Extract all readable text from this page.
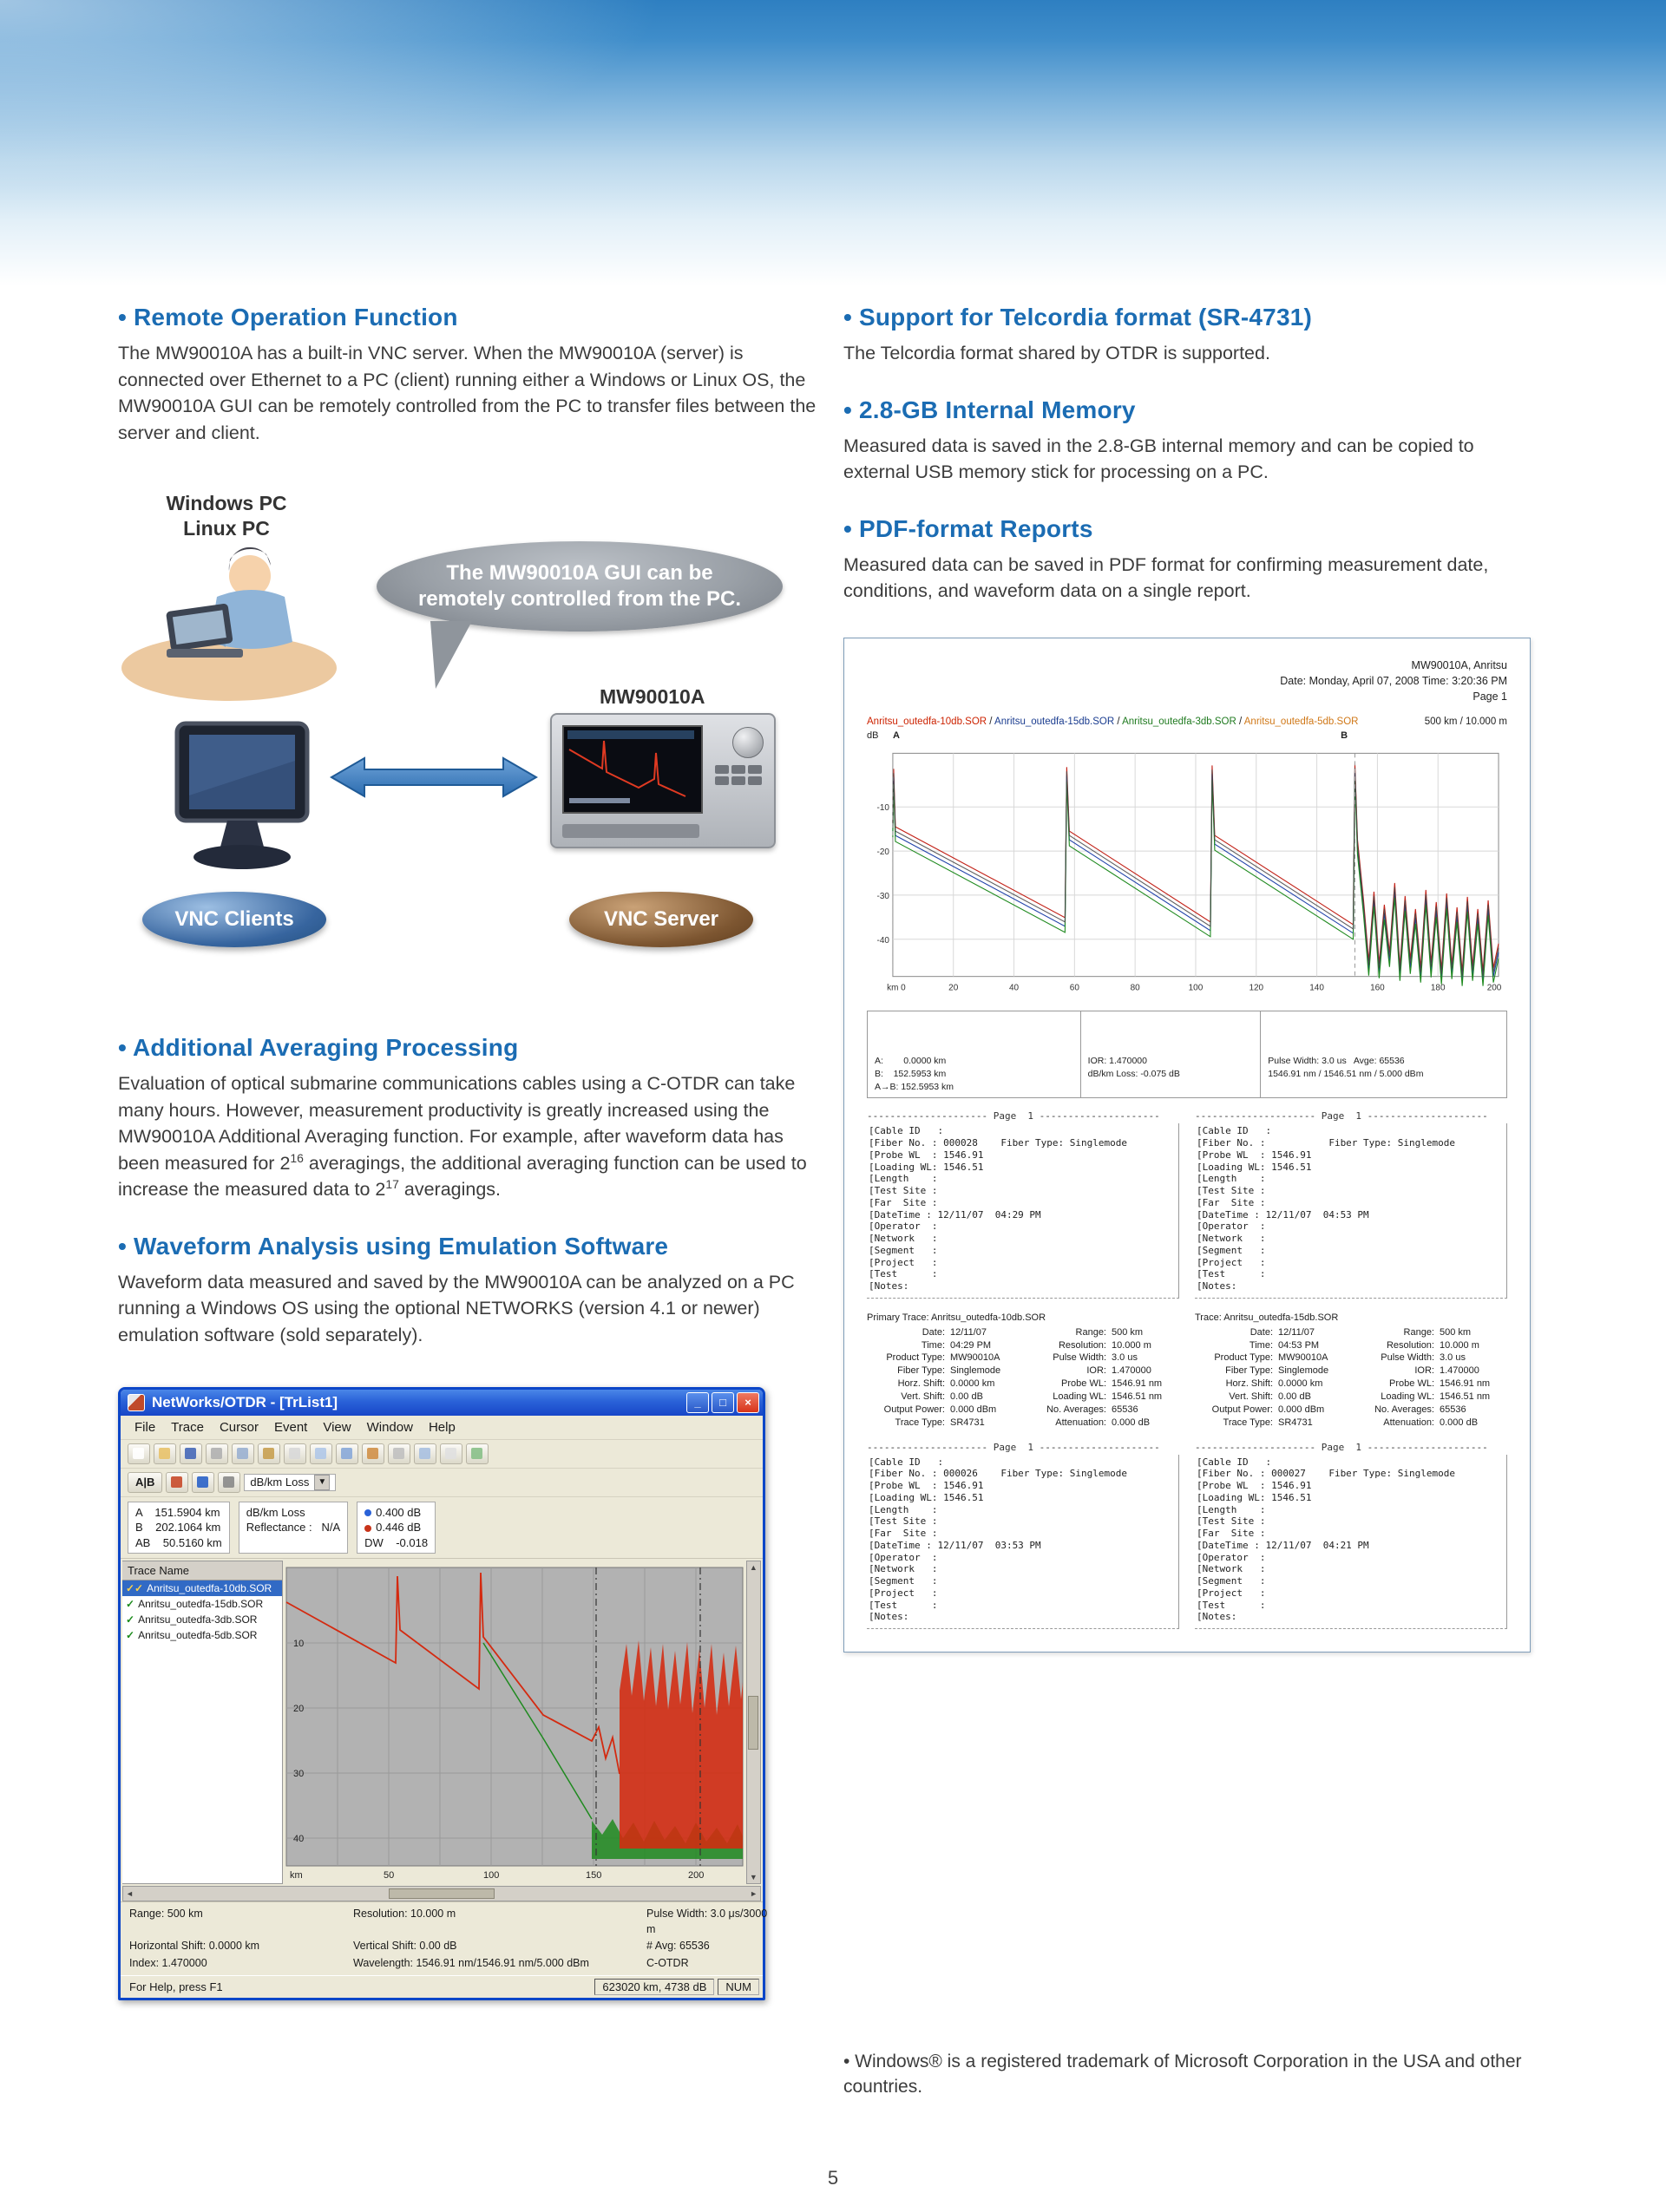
• Remote Operation Function

The MW90010A has a built-in VNC server. When the MW90010A (server) is connected over Ethernet to a PC (client) running either a Windows or Linux OS, the MW90010A GUI can be remotely controlled from the PC to transfer files between the server and client.

Windows PC
Linux PC
The MW90010A GUI can be
remotely controlled from the PC.
MW90010A
VNC Clients	VNC Server
• Additional Averaging Processing

Evaluation of optical submarine communications cables using a C-OTDR can take many hours. However, measurement productivity is greatly increased using the MW90010A Additional Averaging function. For example, after waveform data has been measured for $2^{16}$ averagings, the additional averaging function can be used to increase the measured data to $2^{17}$ averagings.

• Waveform Analysis using Emulation Software

Waveform data measured and saved by the MW90010A can be analyzed on a PC running a Windows OS using the optional NETWORKS (version 4.1 or newer) emulation software (sold separately).

NetWorks/OTDR - [TrList1]	_	□	×
File	Trace	Cursor	Event	View	Window	Help
A|B	dB/km Loss	▼
A    151.5904 km
B    202.1064 km
AB    50.5160 km
dB/km Loss
Reflectance :   N/A
0.400 dB
0.446 dB
DW    -0.018
Trace Name
✓✓ Anritsu_outedfa-10db.SOR
✓ Anritsu_outedfa-15db.SOR
✓ Anritsu_outedfa-3db.SOR
✓ Anritsu_outedfa-5db.SOR
10
20
30
40
km	50	100	150	200
▲
▼
◄	►
Range: 500 km	Resolution: 10.000 m	Pulse Width: 3.0 μs/3000 m
Horizontal Shift: 0.0000 km	Vertical Shift: 0.00 dB	# Avg: 65536
Index: 1.470000	Wavelength: 1546.91 nm/1546.91 nm/5.000 dBm	C-OTDR
For Help, press F1	623020 km, 4738 dB	NUM
• Support for Telcordia format (SR-4731)

The Telcordia format shared by OTDR is supported.

• 2.8-GB Internal Memory

Measured data is saved in the 2.8-GB internal memory and can be copied to external USB memory stick for processing on a PC.

• PDF-format Reports

Measured data can be saved in PDF format for confirming measurement date, conditions, and waveform data on a single report.

MW90010A, Anritsu
Date: Monday, April 07, 2008 Time: 3:20:36 PM
Page 1
Anritsu_outedfa-10db.SOR / Anritsu_outedfa-15db.SOR / Anritsu_outedfa-3db.SOR / Anritsu_outedfa-5db.SOR	500 km / 10.000 m
dB A	B
-10
-20
-30
-40
km 0	20	40	60	80	100	120	140	160	180	200

A:        0.0000 km
B:    152.5953 km
A→B: 152.5953 km

IOR: 1.470000
dB/km Loss: -0.075 dB

Pulse Width: 3.0 us   Avge: 65536
1546.91 nm / 1546.51 nm / 5.000 dBm
--------------------- Page  1 ---------------------
[Cable ID   :
[Fiber No. : 000028    Fiber Type: Singlemode
[Probe WL  : 1546.91
[Loading WL: 1546.51
[Length    :
[Test Site :
[Far  Site :
[DateTime : 12/11/07  04:29 PM
[Operator  :
[Network   :
[Segment   :
[Project   :
[Test      :
[Notes:
--------------------- Page  1 ---------------------
[Cable ID   :
[Fiber No. :           Fiber Type: Singlemode
[Probe WL  : 1546.91
[Loading WL: 1546.51
[Length    :
[Test Site :
[Far  Site :
[DateTime : 12/11/07  04:53 PM
[Operator  :
[Network   :
[Segment   :
[Project   :
[Test      :
[Notes:
Primary Trace: Anritsu_outedfa-10db.SOR
Date: 12/11/07	Range: 500 km
Time: 04:29 PM	Resolution: 10.000 m
Product Type: MW90010A	Pulse Width: 3.0 us
Fiber Type: Singlemode	IOR: 1.470000
Horz. Shift: 0.0000 km	Probe WL: 1546.91 nm
Vert. Shift: 0.00 dB	Loading WL: 1546.51 nm
Output Power: 0.000 dBm	No. Averages: 65536
Trace Type: SR4731	Attenuation: 0.000 dB
Trace: Anritsu_outedfa-15db.SOR
Date: 12/11/07	Range: 500 km
Time: 04:53 PM	Resolution: 10.000 m
Product Type: MW90010A	Pulse Width: 3.0 us
Fiber Type: Singlemode	IOR: 1.470000
Horz. Shift: 0.0000 km	Probe WL: 1546.91 nm
Vert. Shift: 0.00 dB	Loading WL: 1546.51 nm
Output Power: 0.000 dBm	No. Averages: 65536
Trace Type: SR4731	Attenuation: 0.000 dB
--------------------- Page  1 ---------------------
[Cable ID   :
[Fiber No. : 000026    Fiber Type: Singlemode
[Probe WL  : 1546.91
[Loading WL: 1546.51
[Length    :
[Test Site :
[Far  Site :
[DateTime : 12/11/07  03:53 PM
[Operator  :
[Network   :
[Segment   :
[Project   :
[Test      :
[Notes:
--------------------- Page  1 ---------------------
[Cable ID   :
[Fiber No. : 000027    Fiber Type: Singlemode
[Probe WL  : 1546.91
[Loading WL: 1546.51
[Length    :
[Test Site :
[Far  Site :
[DateTime : 12/11/07  04:21 PM
[Operator  :
[Network   :
[Segment   :
[Project   :
[Test      :
[Notes:
• Windows® is a registered trademark of Microsoft Corporation in the USA and other countries.
5
